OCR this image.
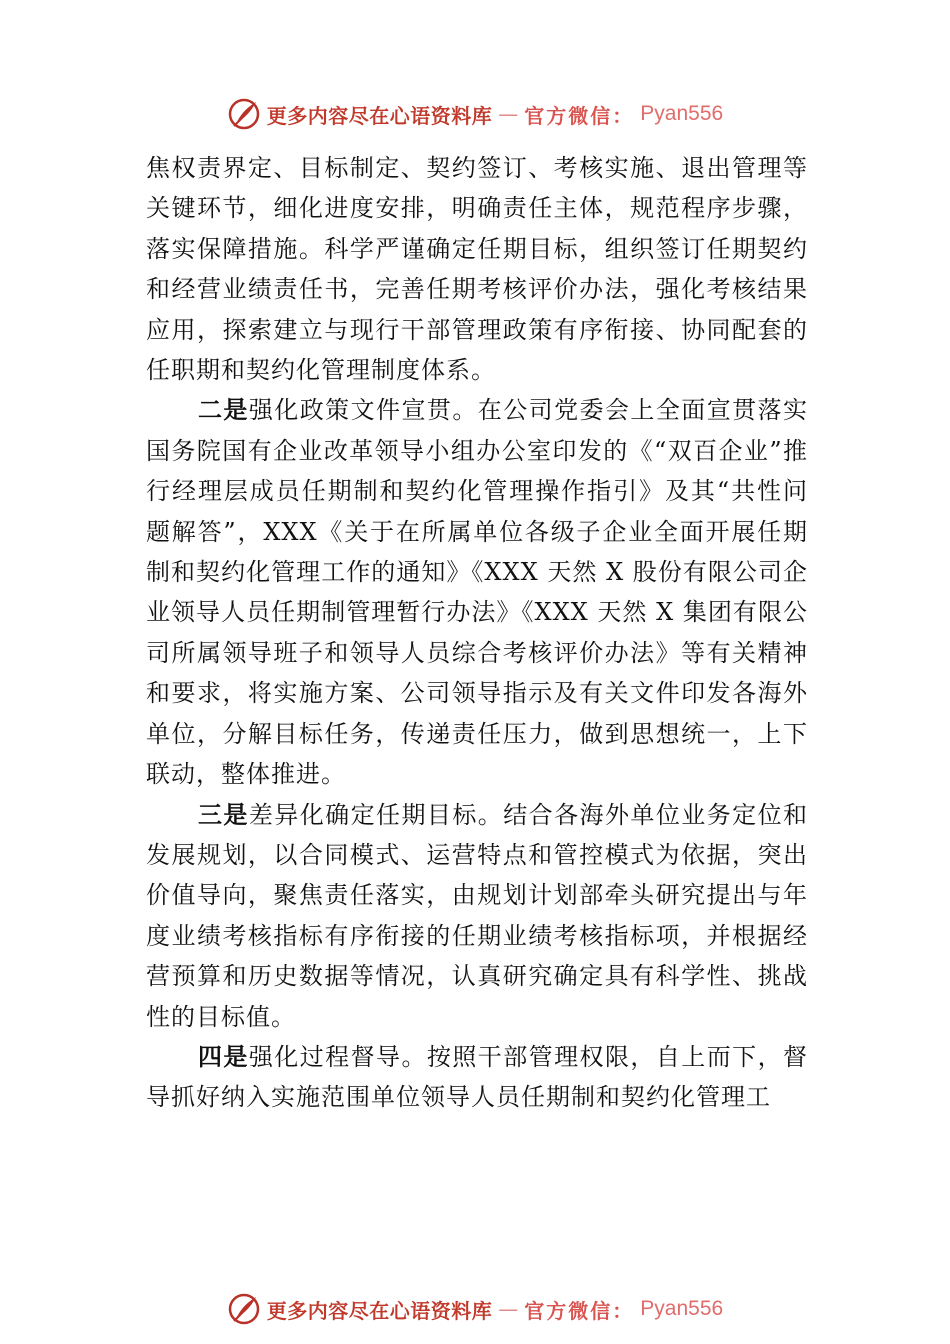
更多内容尽在心语资料库 — 官方微信： Pyan556

焦权责界定、目标制定、契约签订、考核实施、退出管理等关键环节，细化进度安排，明确责任主体，规范程序步骤， 落实保障措施。科学严谨确定任期目标，组织签订任期契约和经营业绩责任书，完善任期考核评价办法，强化考核结果应用，探索建立与现行干部管理政策有序衔接、协同配套的任职期和契约化管理制度体系。

二是强化政策文件宣贯。在公司党委会上全面宣贯落实国务院国有企业改革领导小组办公室印发的《“双百企业”推行经理层成员任期制和契约化管理操作指引》及其“共性问题解答”，XXX《关于在所属单位各级子企业全面开展任期制和契约化管理工作的通知》《XXX 天然 X 股份有限公司企业领导人员任期制管理暂行办法》《XXX 天然 X 集团有限公司所属领导班子和领导人员综合考核评价办法》等有关精神和要求，将实施方案、公司领导指示及有关文件印发各海外单位，分解目标任务，传递责任压力，做到思想统一，上下联动，整体推进。

三是差异化确定任期目标。结合各海外单位业务定位和发展规划，以合同模式、运营特点和管控模式为依据，突出价值导向，聚焦责任落实，由规划计划部牵头研究提出与年度业绩考核指标有序衔接的任期业绩考核指标项，并根据经营预算和历史数据等情况，认真研究确定具有科学性、挑战性的目标值。

四是强化过程督导。按照干部管理权限，自上而下，督导抓好纳入实施范围单位领导人员任期制和契约化管理工

更多内容尽在心语资料库 — 官方微信： Pyan556
